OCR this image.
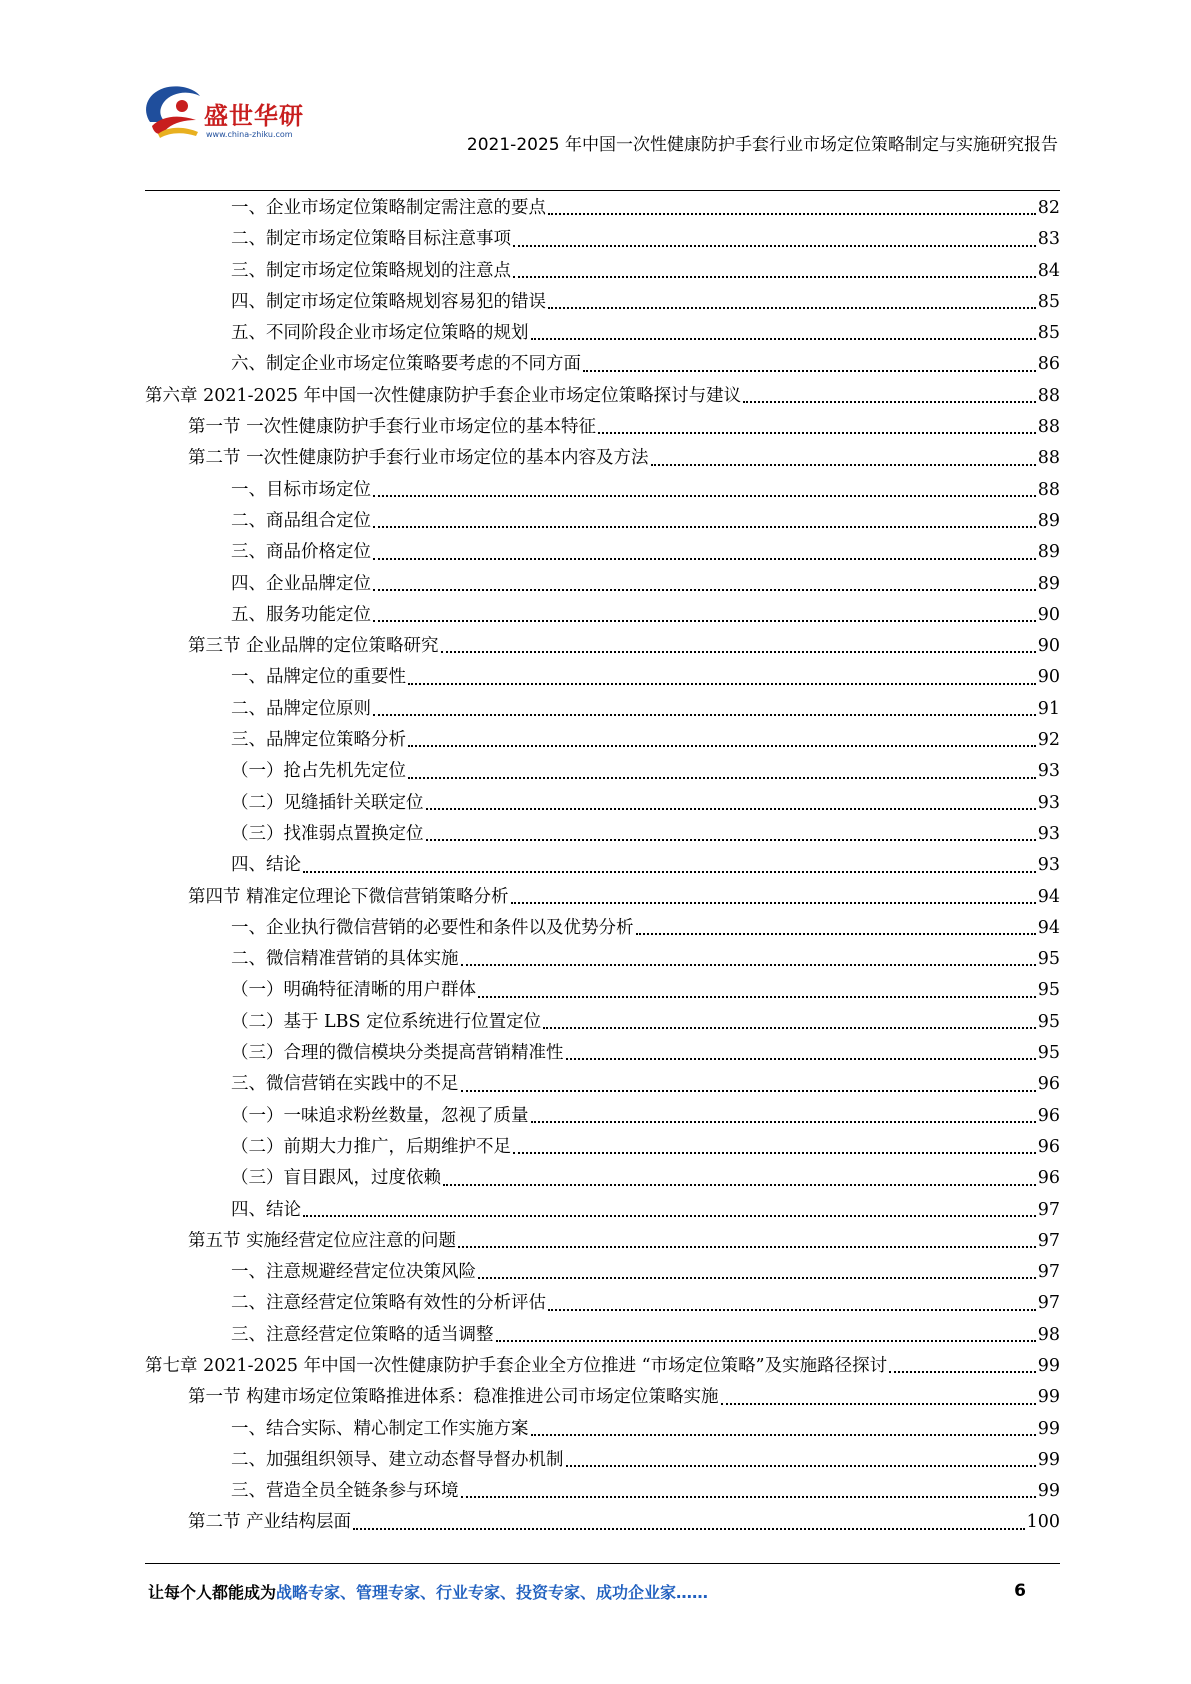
盛世华研
www.china-zhiku.com
2021-2025 年中国一次性健康防护手套行业市场定位策略制定与实施研究报告
一、企业市场定位策略制定需注意的要点	82
二、制定市场定位策略目标注意事项	83
三、制定市场定位策略规划的注意点	84
四、制定市场定位策略规划容易犯的错误	85
五、不同阶段企业市场定位策略的规划	85
六、制定企业市场定位策略要考虑的不同方面	86
第六章 2021-2025 年中国一次性健康防护手套企业市场定位策略探讨与建议	88
第一节 一次性健康防护手套行业市场定位的基本特征	88
第二节 一次性健康防护手套行业市场定位的基本内容及方法	88
一、目标市场定位	88
二、商品组合定位	89
三、商品价格定位	89
四、企业品牌定位	89
五、服务功能定位	90
第三节 企业品牌的定位策略研究	90
一、品牌定位的重要性	90
二、品牌定位原则	91
三、品牌定位策略分析	92
（一）抢占先机先定位	93
（二）见缝插针关联定位	93
（三）找准弱点置换定位	93
四、结论	93
第四节 精准定位理论下微信营销策略分析	94
一、企业执行微信营销的必要性和条件以及优势分析	94
二、微信精准营销的具体实施	95
（一）明确特征清晰的用户群体	95
（二）基于 LBS 定位系统进行位置定位	95
（三）合理的微信模块分类提高营销精准性	95
三、微信营销在实践中的不足	96
（一）一味追求粉丝数量，忽视了质量	96
（二）前期大力推广，后期维护不足	96
（三）盲目跟风，过度依赖	96
四、结论	97
第五节 实施经营定位应注意的问题	97
一、注意规避经营定位决策风险	97
二、注意经营定位策略有效性的分析评估	97
三、注意经营定位策略的适当调整	98
第七章 2021-2025 年中国一次性健康防护手套企业全方位推进 “市场定位策略”及实施路径探讨	99
第一节 构建市场定位策略推进体系：稳准推进公司市场定位策略实施	99
一、结合实际、精心制定工作实施方案	99
二、加强组织领导、建立动态督导督办机制	99
三、营造全员全链条参与环境	99
第二节 产业结构层面	100
让每个人都能成为 战略专家、管理专家、行业专家、投资专家、成功企业家……	6
